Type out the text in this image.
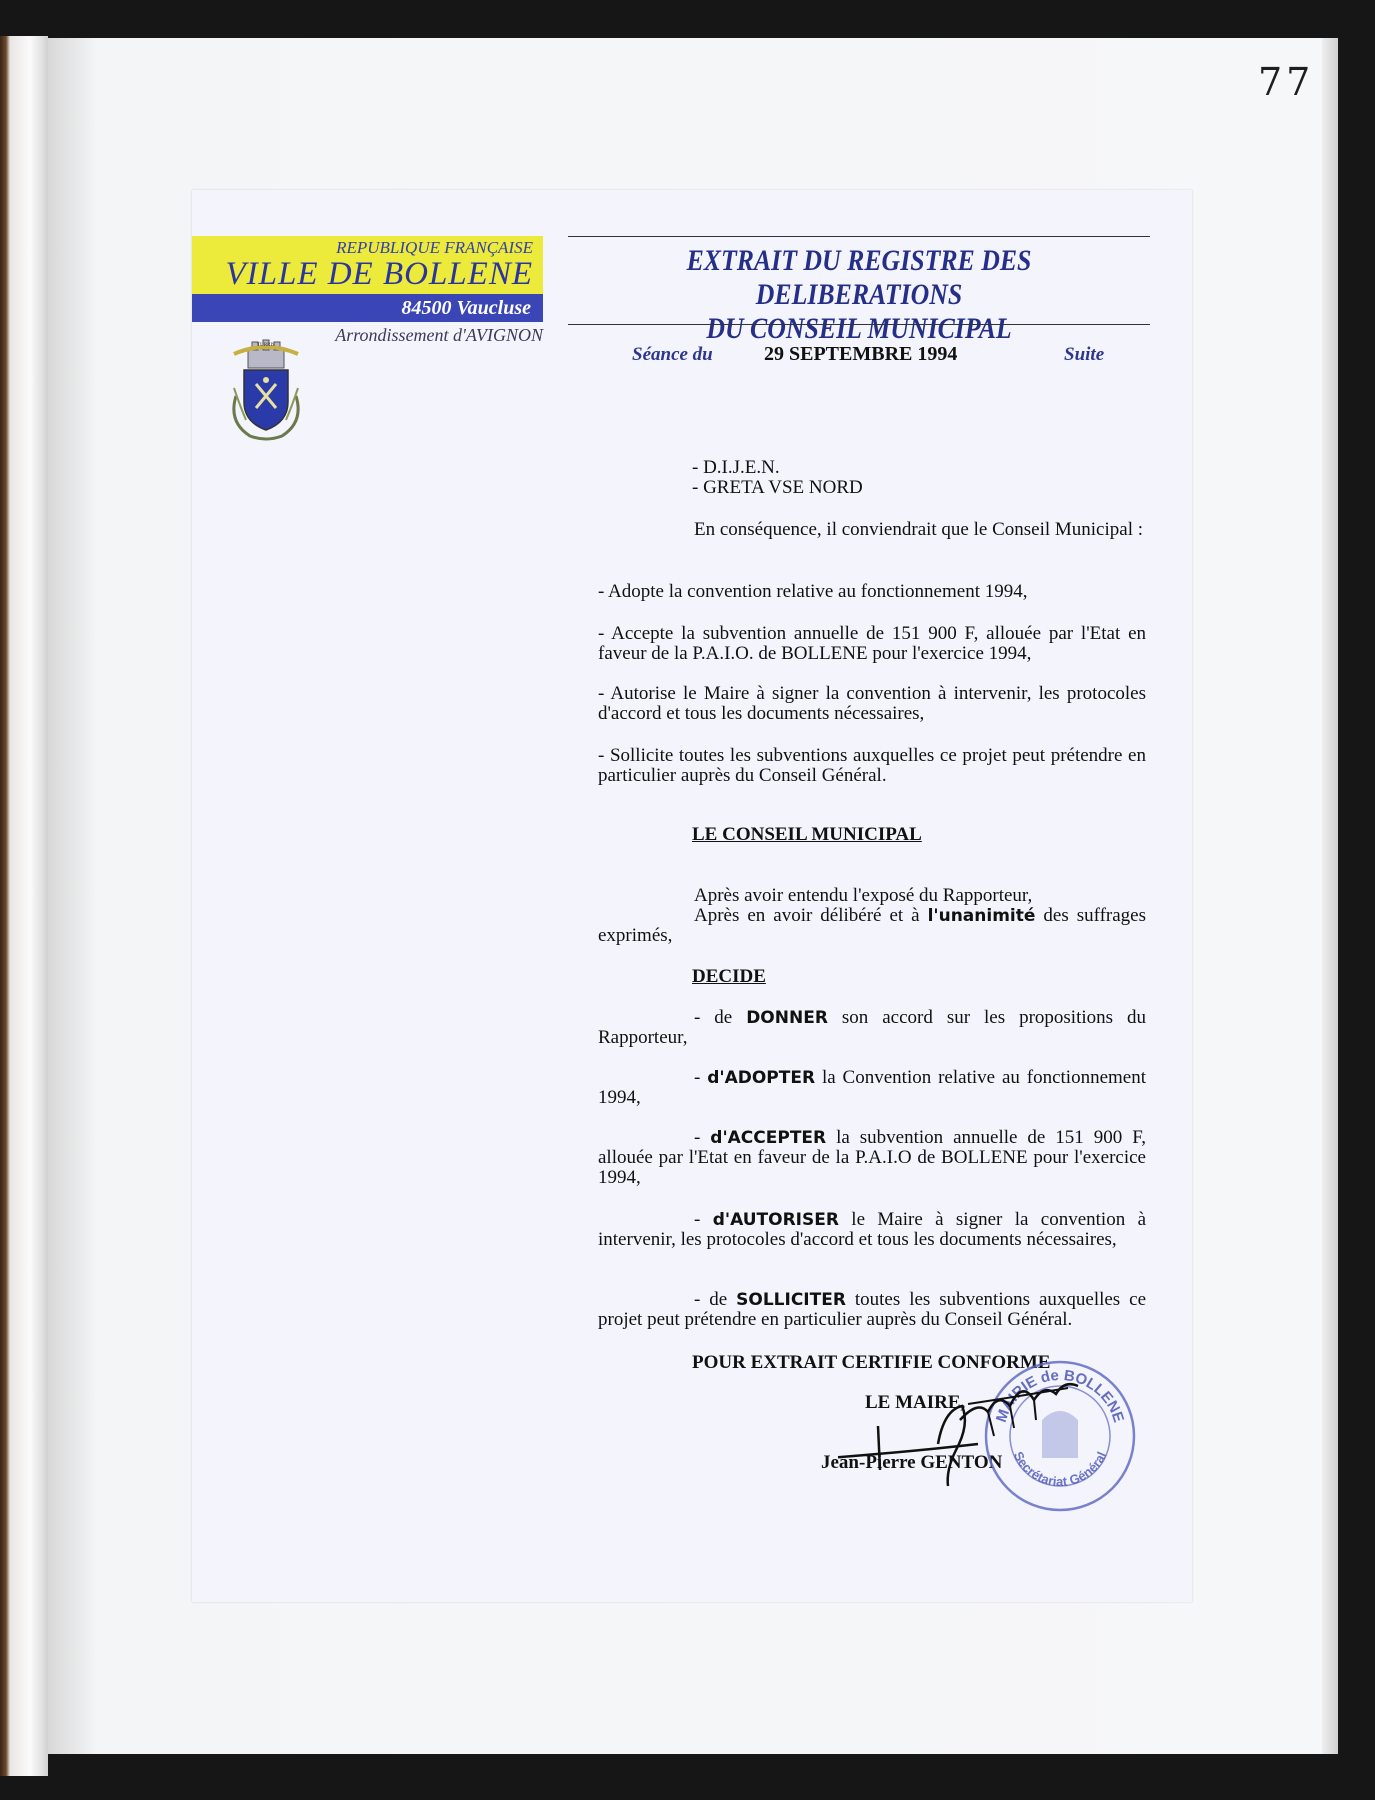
77
REPUBLIQUE FRANÇAISE
VILLE DE BOLLENE
84500 Vaucluse
Arrondissement d'AVIGNON
TURRIS
EXTRAIT DU REGISTRE DES DELIBERATIONS
DU CONSEIL MUNICIPAL
Séance du	29 SEPTEMBRE 1994	Suite

- D.I.J.E.N.

- GRETA VSE NORD

En conséquence, il conviendrait que le Conseil Municipal :

- Adopte la convention relative au fonctionnement 1994,

- Accepte la subvention annuelle de 151 900 F, allouée par l'Etat en faveur de la P.A.I.O. de BOLLENE pour l'exercice 1994,

- Autorise le Maire à signer la convention à intervenir, les protocoles d'accord et tous les documents nécessaires,

- Sollicite toutes les subventions auxquelles ce projet peut prétendre en particulier auprès du Conseil Général.

LE CONSEIL MUNICIPAL

Après avoir entendu l'exposé du Rapporteur,

Après en avoir délibéré et à l'unanimité des suffrages exprimés,

DECIDE

- de DONNER son accord sur les propositions du Rapporteur,

- d'ADOPTER la Convention relative au fonctionnement 1994,

- d'ACCEPTER la subvention annuelle de 151 900 F, allouée par l'Etat en faveur de la P.A.I.O de BOLLENE pour l'exercice 1994,

- d'AUTORISER le Maire à signer la convention à intervenir, les protocoles d'accord et tous les documents nécessaires,

- de SOLLICITER toutes les subventions auxquelles ce projet peut prétendre en particulier auprès du Conseil Général.

POUR EXTRAIT CERTIFIE CONFORME
LE MAIRE,
Jean-Pierre GENTON
MAIRIE de BOLLENE
Secrétariat Général
